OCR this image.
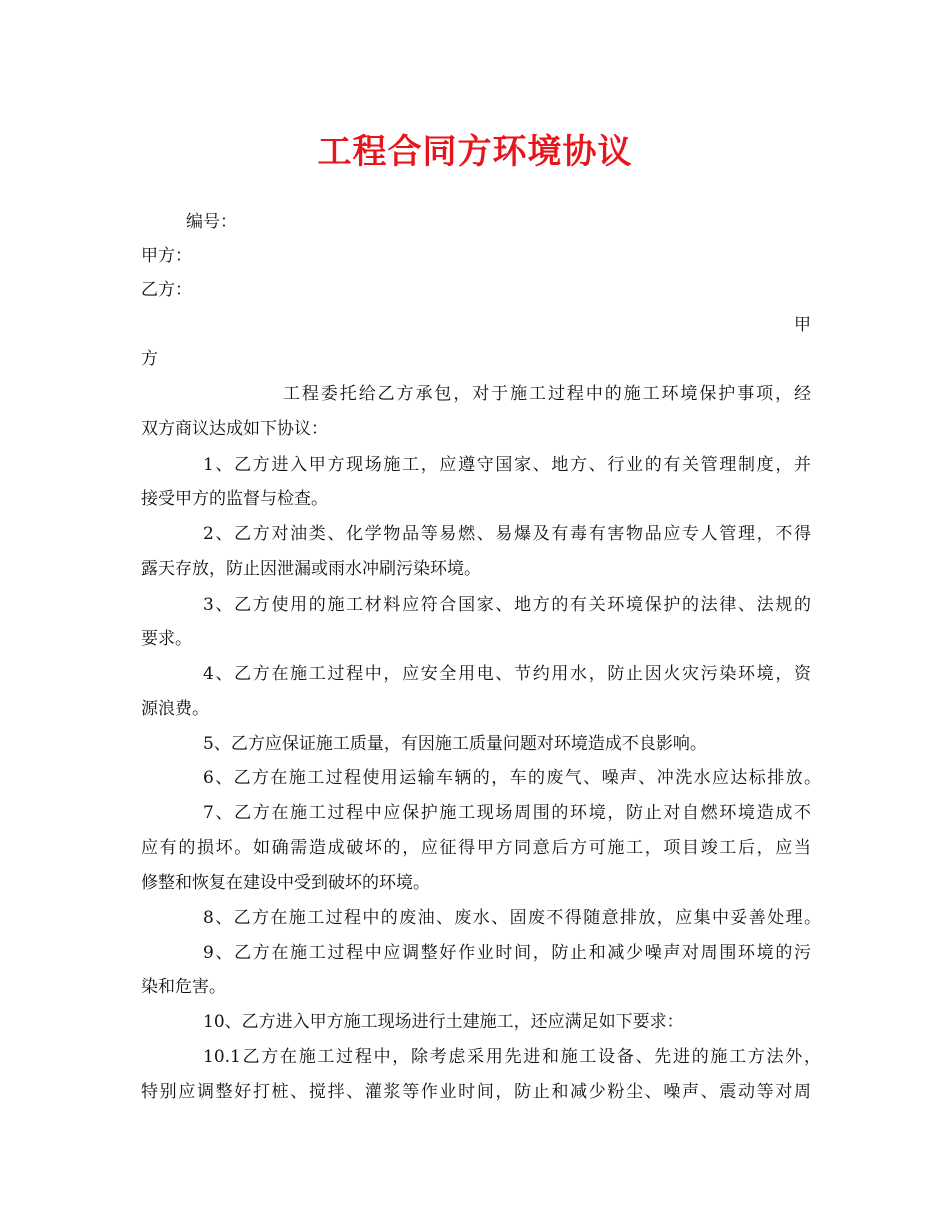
工程合同方环境协议
编号：
甲方：
乙方：
甲
方
工程委托给乙方承包，对于施工过程中的施工环境保护事项，经
双方商议达成如下协议：
1、乙方进入甲方现场施工，应遵守国家、地方、行业的有关管理制度，并
接受甲方的监督与检查。
2、乙方对油类、化学物品等易燃、易爆及有毒有害物品应专人管理，不得
露天存放，防止因泄漏或雨水冲刷污染环境。
3、乙方使用的施工材料应符合国家、地方的有关环境保护的法律、法规的
要求。
4、乙方在施工过程中，应安全用电、节约用水，防止因火灾污染环境，资
源浪费。
5、乙方应保证施工质量，有因施工质量问题对环境造成不良影响。
6、乙方在施工过程使用运输车辆的，车的废气、噪声、冲洗水应达标排放。
7、乙方在施工过程中应保护施工现场周围的环境，防止对自燃环境造成不
应有的损坏。如确需造成破坏的，应征得甲方同意后方可施工，项目竣工后，应当
修整和恢复在建设中受到破坏的环境。
8、乙方在施工过程中的废油、废水、固废不得随意排放，应集中妥善处理。
9、乙方在施工过程中应调整好作业时间，防止和减少噪声对周围环境的污
染和危害。
10、乙方进入甲方施工现场进行土建施工，还应满足如下要求：
10.1乙方在施工过程中，除考虑采用先进和施工设备、先进的施工方法外，
特别应调整好打桩、搅拌、灌浆等作业时间，防止和减少粉尘、噪声、震动等对周
